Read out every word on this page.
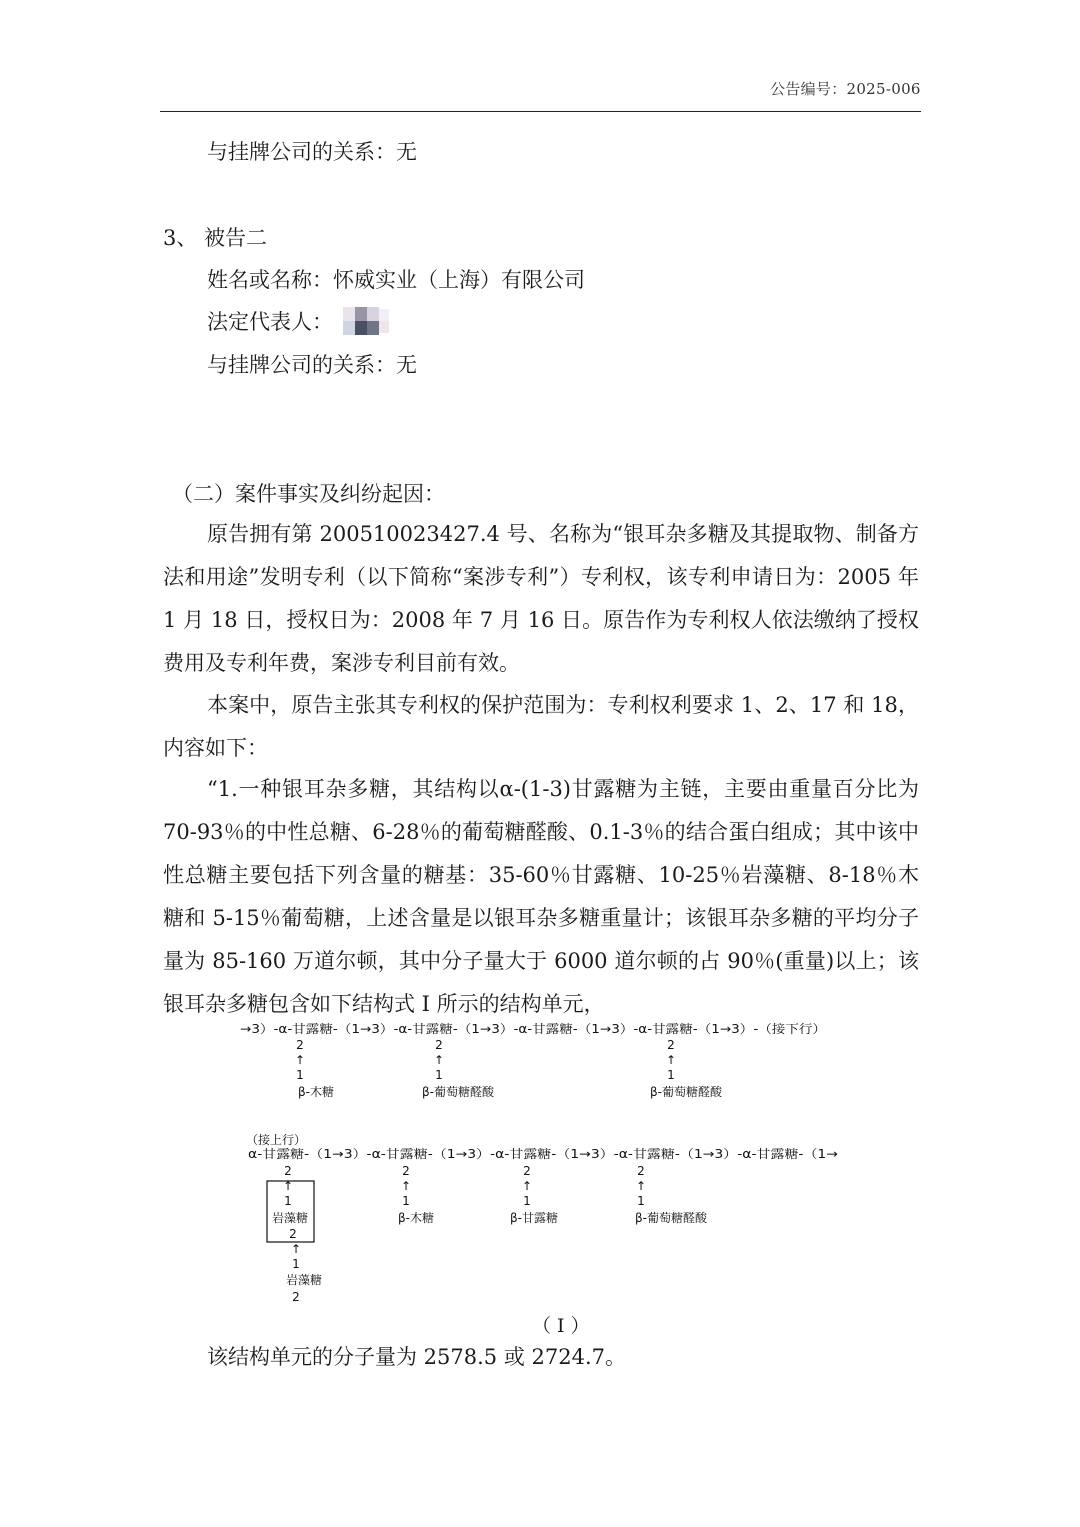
公告编号：2025-006
与挂牌公司的关系：无
3、 被告二
姓名或名称：怀威实业（上海）有限公司
法定代表人：
与挂牌公司的关系：无
（二）案件事实及纠纷起因：
原告拥有第 200510023427.4 号、名称为“银耳杂多糖及其提取物、制备方法和用途”发明专利（以下简称“案涉专利”）专利权，该专利申请日为：2005 年 1 月 18 日，授权日为：2008 年 7 月 16 日。原告作为专利权人依法缴纳了授权费用及专利年费，案涉专利目前有效。
本案中，原告主张其专利权的保护范围为：专利权利要求 1、2、17 和 18，内容如下：
“1.一种银耳杂多糖，其结构以α-(1-3)甘露糖为主链，主要由重量百分比为 70-93％的中性总糖、6-28％的葡萄糖醛酸、0.1-3％的结合蛋白组成；其中该中性总糖主要包括下列含量的糖基：35-60％甘露糖、10-25％岩藻糖、8-18％木糖和 5-15％葡萄糖，上述含量是以银耳杂多糖重量计；该银耳杂多糖的平均分子量为 85-160 万道尔顿，其中分子量大于 6000 道尔顿的占 90％(重量)以上；该银耳杂多糖包含如下结构式 I 所示的结构单元，
→3）-α-甘露糖-（1→3）-α-甘露糖-（1→3）-α-甘露糖-（1→3）-α-甘露糖-（1→3）-（接下行）
2
↑
1
β-木糖
2
↑
1
β-葡萄糖醛酸
2
↑
1
β-葡萄糖醛酸
（接上行）
α-甘露糖-（1→3）-α-甘露糖-（1→3）-α-甘露糖-（1→3）-α-甘露糖-（1→3）-α-甘露糖-（1→
2
↑
1
岩藻糖
2
↑
1
岩藻糖
2
2
↑
1
β-木糖
2
↑
1
β-甘露糖
2
↑
1
β-葡萄糖醛酸
（ I ）
该结构单元的分子量为 2578.5 或 2724.7。
